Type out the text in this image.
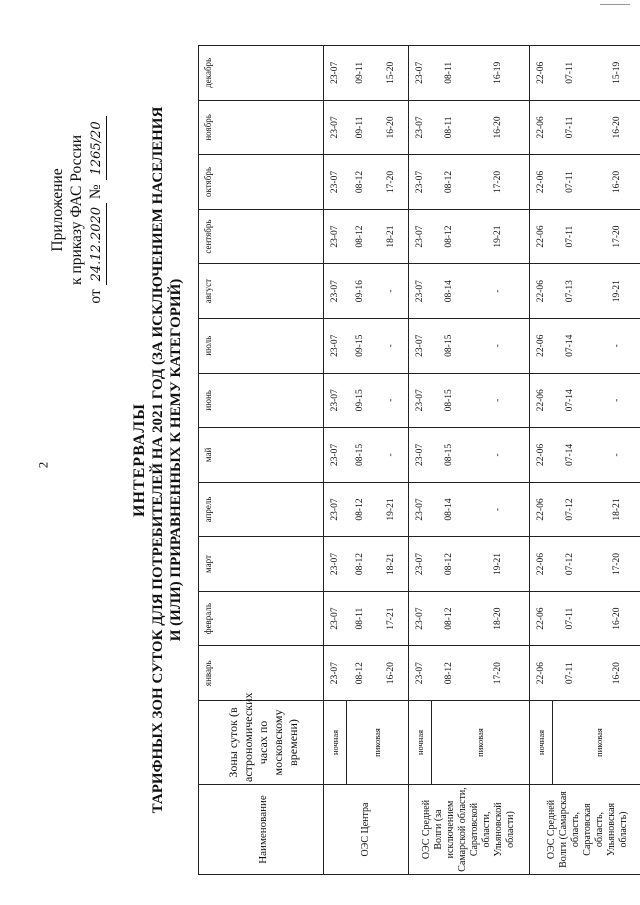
2
Приложение к приказу ФАС России
от 24.12.2020 № 1265/20
ИНТЕРВАЛЫ ТАРИФНЫХ ЗОН СУТОК ДЛЯ ПОТРЕБИТЕЛЕЙ НА 2021 ГОД (ЗА ИСКЛЮЧЕНИЕМ НАСЕЛЕНИЯ И (ИЛИ) ПРИРАВНЕННЫХ К НЕМУ КАТЕГОРИЙ)
Наименование	Зоны суток (в астрономических часах по московскому времени)	январь	февраль	март	апрель	май	июнь	июль	август	сентябрь	октябрь	ноябрь	декабрь
ОЭС Центра	ночная	23-07	23-07	23-07	23-07	23-07	23-07	23-07	23-07	23-07	23-07	23-07	23-07
	пиковая	08-12	08-11	08-12	08-12	08-15	09-15	09-15	09-16	08-12	08-12	09-11	09-11
		16-20	17-21	18-21	19-21	-	-	-	-	18-21	17-20	16-20	15-20
ОЭС Средней Волги (за исключением Самарской области, Саратовской области, Ульяновской области)	ночная	23-07	23-07	23-07	23-07	23-07	23-07	23-07	23-07	23-07	23-07	23-07	23-07
	пиковая	08-12	08-12	08-12	08-14	08-15	08-15	08-15	08-14	08-12	08-12	08-11	08-11
		17-20	18-20	19-21	-	-	-	-	-	19-21	17-20	16-20	16-19
ОЭС Средней Волги (Самарская область, Саратовская область, Ульяновская область)	ночная	22-06	22-06	22-06	22-06	22-06	22-06	22-06	22-06	22-06	22-06	22-06	22-06
	пиковая	07-11	07-11	07-12	07-12	07-14	07-14	07-14	07-13	07-11	07-11	07-11	07-11
		16-20	16-20	17-20	18-21	-	-	-	19-21	17-20	16-20	16-20	15-19
